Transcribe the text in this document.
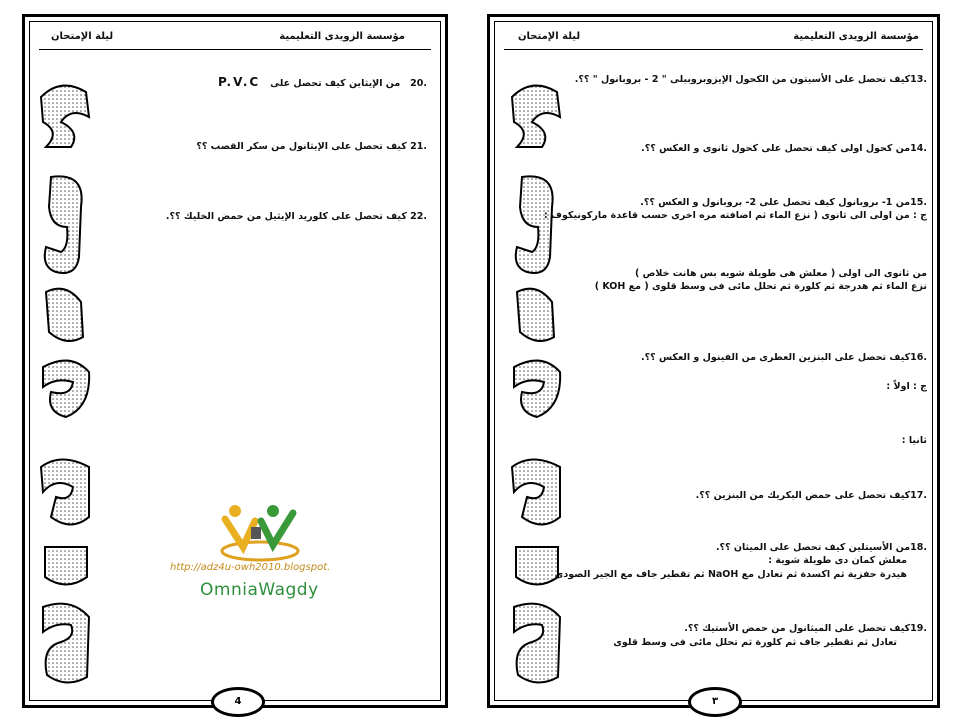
مؤسسة الزويدى التعليمية
ليلة الإمتحان
.20   من الإيثاين كيف تحصل على   P.V.C
.21 كيف تحصل على الإيثانول من سكر القصب ؟؟
.22 كيف تحصل على كلوريد الإيثيل من حمض الخليك ؟؟.
http://adz4u-owh2010.blogspot.
OmniaWagdy
4
مؤسسة الزويدى التعليمية
ليلة الإمتحان
.13كيف تحصل على الأسيتون من الكحول الإيزوبروبيلى " 2 - بروبانول " ؟؟.
.14من كحول اولى كيف تحصل على كحول ثانوى و العكس ؟؟.
.15من 1- بروبانول كيف تحصل على 2- بروبانول و العكس ؟؟.
ج : من اولى الى ثانوى ( نزع الماء ثم اضافته مره اخرى حسب قاعدة ماركونيكوف :
من ثانوى الى اولى ( معلش هى طويلة شويه بس هانت خلاص )
نزع الماء ثم هدرجة ثم كلورة ثم تحلل مائى فى وسط قلوى ( مع KOH )
.16كيف تحصل على البنزين العطرى من الفينول و العكس ؟؟.
ج : اولاً :
ثانيا :
.17كيف تحصل على حمض البكريك من البنزين ؟؟.
.18من الأسيتلين كيف تحصل على الميثان ؟؟.
معلش كمان دى طويلة شوية :
هيدرة حفزية ثم اكسدة ثم تعادل مع NaOH ثم تقطير جاف مع الجير الصودى
.19كيف تحصل على الميثانول من حمض الأستيك ؟؟.
تعادل ثم تقطير جاف ثم كلورة ثم تحلل مائى فى وسط قلوى
٣
